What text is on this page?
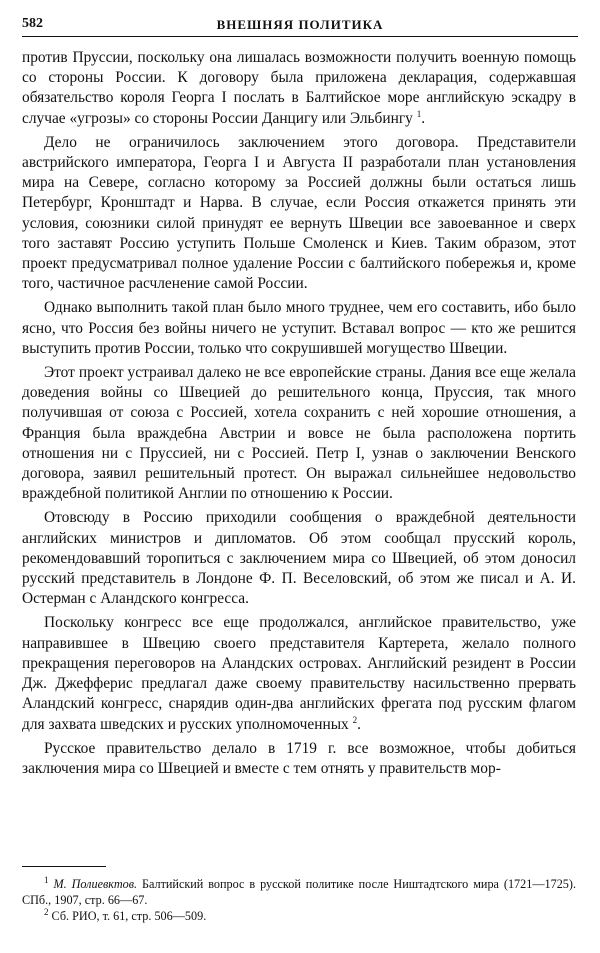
582	ВНЕШНЯЯ ПОЛИТИКА

против Пруссии, поскольку она лишалась возможности получить военную помощь со стороны России. К договору была приложена декларация, содержавшая обязательство короля Георга I послать в Балтийское море английскую эскадру в случае «угрозы» со стороны России Данцигу или Эльбингу $^1$.

Дело не ограничилось заключением этого договора. Представители австрийского императора, Георга I и Августа II разработали план установления мира на Севере, согласно которому за Россией должны были остаться лишь Петербург, Кронштадт и Нарва. В случае, если Россия откажется принять эти условия, союзники силой принудят ее вернуть Швеции все завоеванное и сверх того заставят Россию уступить Польше Смоленск и Киев. Таким образом, этот проект предусматривал полное удаление России с балтийского побережья и, кроме того, частичное расчленение самой России.

Однако выполнить такой план было много труднее, чем его составить, ибо было ясно, что Россия без войны ничего не уступит. Вставал вопрос — кто же решится выступить против России, только что сокрушившей могущество Швеции.

Этот проект устраивал далеко не все европейские страны. Дания все еще желала доведения войны со Швецией до решительного конца, Пруссия, так много получившая от союза с Россией, хотела сохранить с ней хорошие отношения, а Франция была враждебна Австрии и вовсе не была расположена портить отношения ни с Пруссией, ни с Россией. Петр I, узнав о заключении Венского договора, заявил решительный протест. Он выражал сильнейшее недовольство враждебной политикой Англии по отношению к России.

Отовсюду в Россию приходили сообщения о враждебной деятельности английских министров и дипломатов. Об этом сообщал прусский король, рекомендовавший торопиться с заключением мира со Швецией, об этом доносил русский представитель в Лондоне Ф. П. Веселовский, об этом же писал и А. И. Остерман с Аландского конгресса.

Поскольку конгресс все еще продолжался, английское правительство, уже направившее в Швецию своего представителя Картерета, желало полного прекращения переговоров на Аландских островах. Английский резидент в России Дж. Джефферис предлагал даже своему правительству насильственно прервать Аландский конгресс, снарядив один-два английских фрегата под русским флагом для захвата шведских и русских уполномоченных $^2$.

Русское правительство делало в 1719 г. все возможное, чтобы добиться заключения мира со Швецией и вместе с тем отнять у правительств мор-

$^1$ М. Полиевктов. Балтийский вопрос в русской политике после Ништадтского мира (1721—1725). СПб., 1907, стр. 66—67.

$^2$ Сб. РИО, т. 61, стр. 506—509.
